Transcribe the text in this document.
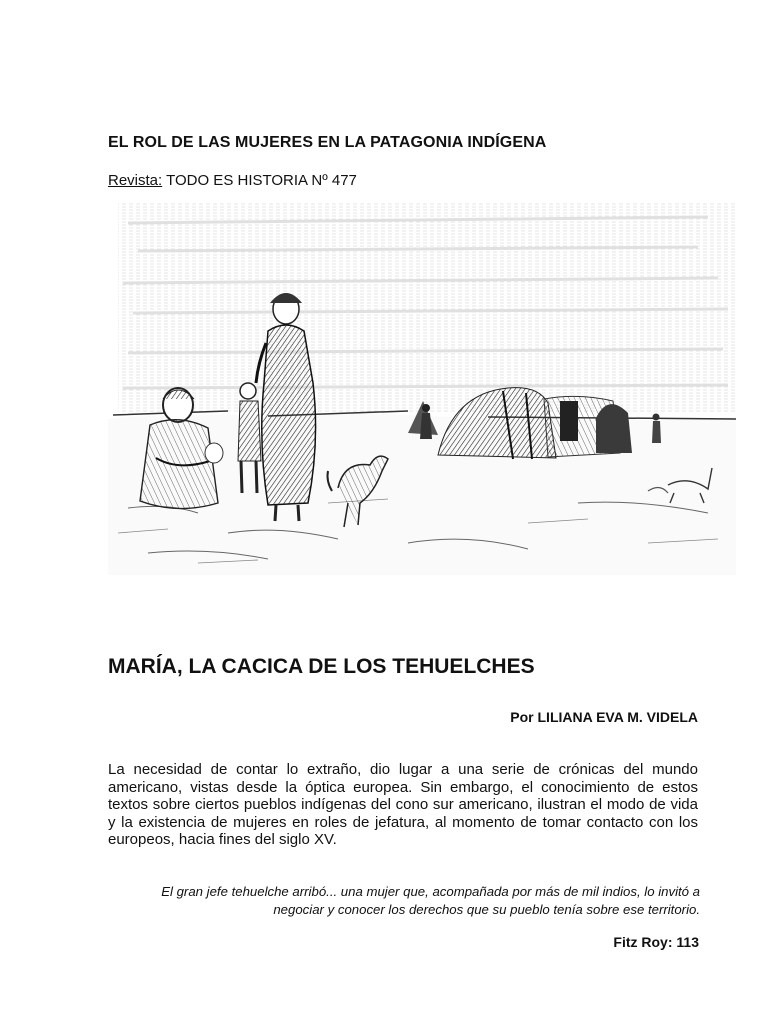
EL ROL DE LAS MUJERES EN LA PATAGONIA INDÍGENA
Revista: TODO ES HISTORIA Nº 477
MARÍA, LA CACICA DE LOS TEHUELCHES
Por LILIANA EVA M. VIDELA

La necesidad de contar lo extraño, dio lugar a una serie de crónicas del mundo americano, vistas desde la óptica europea. Sin embargo, el conocimiento de estos textos sobre ciertos pueblos indígenas del cono sur americano, ilustran el modo de vida y la existencia de mujeres en roles de jefatura, al momento de tomar contacto con los europeos, hacia fines del siglo XV.

El gran jefe tehuelche arribó... una mujer que, acompañada por más de mil indios, lo invitó a negociar y conocer los derechos que su pueblo tenía sobre ese territorio.

Fitz Roy: 113
